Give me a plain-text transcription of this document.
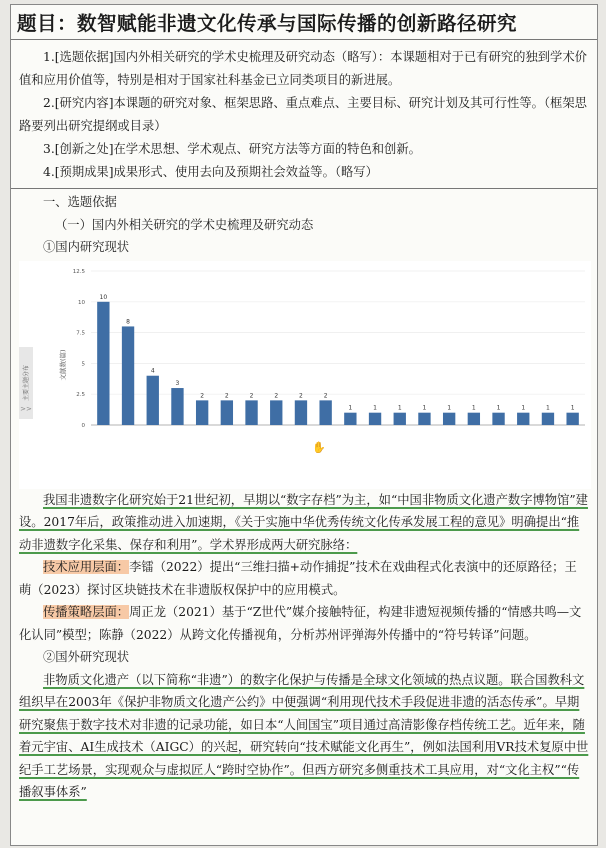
题目：数智赋能非遗文化传承与国际传播的创新路径研究

1.[选题依据]国内外相关研究的学术史梳理及研究动态（略写）：本课题相对于已有研究的独到学术价值和应用价值等，特别是相对于国家社科基金已立同类项目的新进展。

2.[研究内容]本课题的研究对象、框架思路、重点难点、主要目标、研究计划及其可行性等。（框架思路要列出研究提纲或目录）

3.[创新之处]在学术思想、学术观点、研究方法等方面的特色和创新。

4.[预期成果]成果形式、使用去向及预期社会效益等。（略写）

一、选题依据

（一）国内外相关研究的学术史梳理及研究动态

①国内研究现状

主要主题分布
>>
文献数(篇)
0
2.5
5
7.5
10
12.5
10
8
4
3
2	2	2	2	2	2
1	1	1	1	1	1	1	1	1	1
✋

我国非遗数字化研究始于21世纪初，早期以“数字存档”为主，如“中国非物质文化遗产数字博物馆”建设。2017年后，政策推动进入加速期，《关于实施中华优秀传统文化传承发展工程的意见》明确提出“推动非遗数字化采集、保存和利用”。学术界形成两大研究脉络：

技术应用层面：李镭（2022）提出“三维扫描+动作捕捉”技术在戏曲程式化表演中的还原路径；王萌（2023）探讨区块链技术在非遗版权保护中的应用模式。

传播策略层面：周正龙（2021）基于“Z世代”媒介接触特征，构建非遗短视频传播的“情感共鸣—文化认同”模型；陈静（2022）从跨文化传播视角，分析苏州评弹海外传播中的“符号转译”问题。

②国外研究现状

非物质文化遗产（以下简称“非遗”）的数字化保护与传播是全球文化领域的热点议题。联合国教科文组织早在2003年《保护非物质文化遗产公约》中便强调“利用现代技术手段促进非遗的活态传承”。早期研究聚焦于数字技术对非遗的记录功能，如日本“人间国宝”项目通过高清影像存档传统工艺。近年来，随着元宇宙、AI生成技术（AIGC）的兴起，研究转向“技术赋能文化再生”，例如法国利用VR技术复原中世纪手工艺场景，实现观众与虚拟匠人“跨时空协作”。但西方研究多侧重技术工具应用，对“文化主权”“传播叙事体系”
